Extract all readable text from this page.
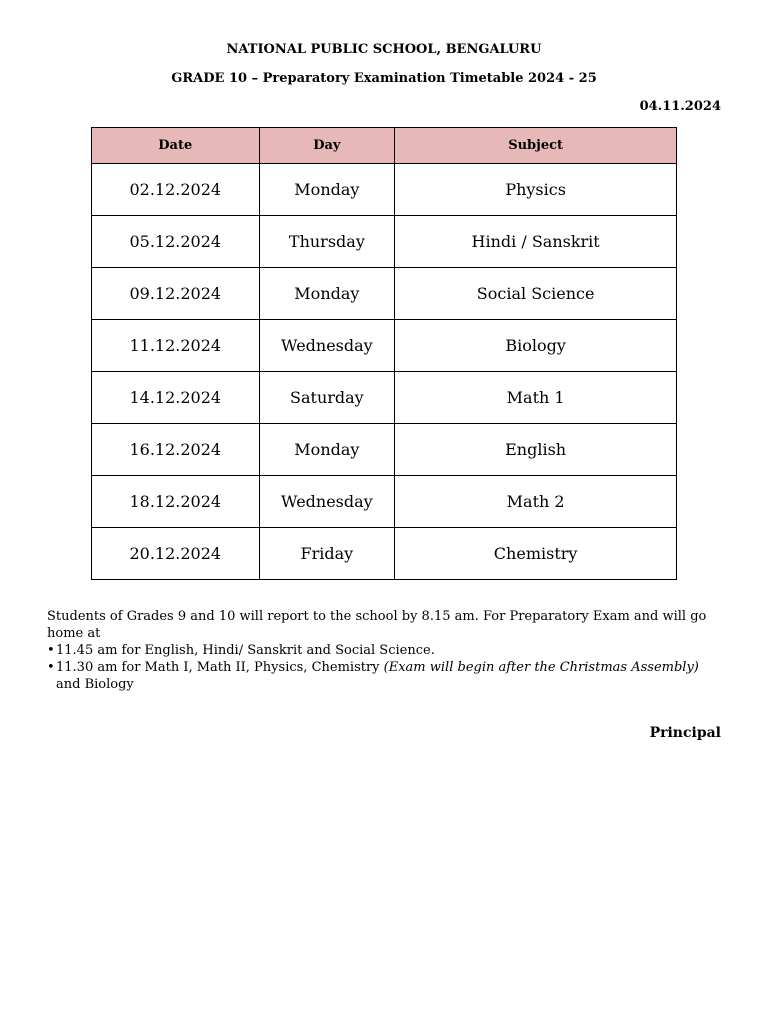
NATIONAL PUBLIC SCHOOL, BENGALURU
GRADE 10 – Preparatory Examination Timetable 2024 - 25
04.11.2024
Date	Day	Subject
02.12.2024	Monday	Physics
05.12.2024	Thursday	Hindi / Sanskrit
09.12.2024	Monday	Social Science
11.12.2024	Wednesday	Biology
14.12.2024	Saturday	Math 1
16.12.2024	Monday	English
18.12.2024	Wednesday	Math 2
20.12.2024	Friday	Chemistry

Students of Grades 9 and 10 will report to the school by 8.15 am. For Preparatory Exam and will go home at

• 11.45 am for English, Hindi/ Sanskrit and Social Science.
• 11.30 am for Math I, Math II, Physics, Chemistry (Exam will begin after the Christmas Assembly) and Biology
Principal
